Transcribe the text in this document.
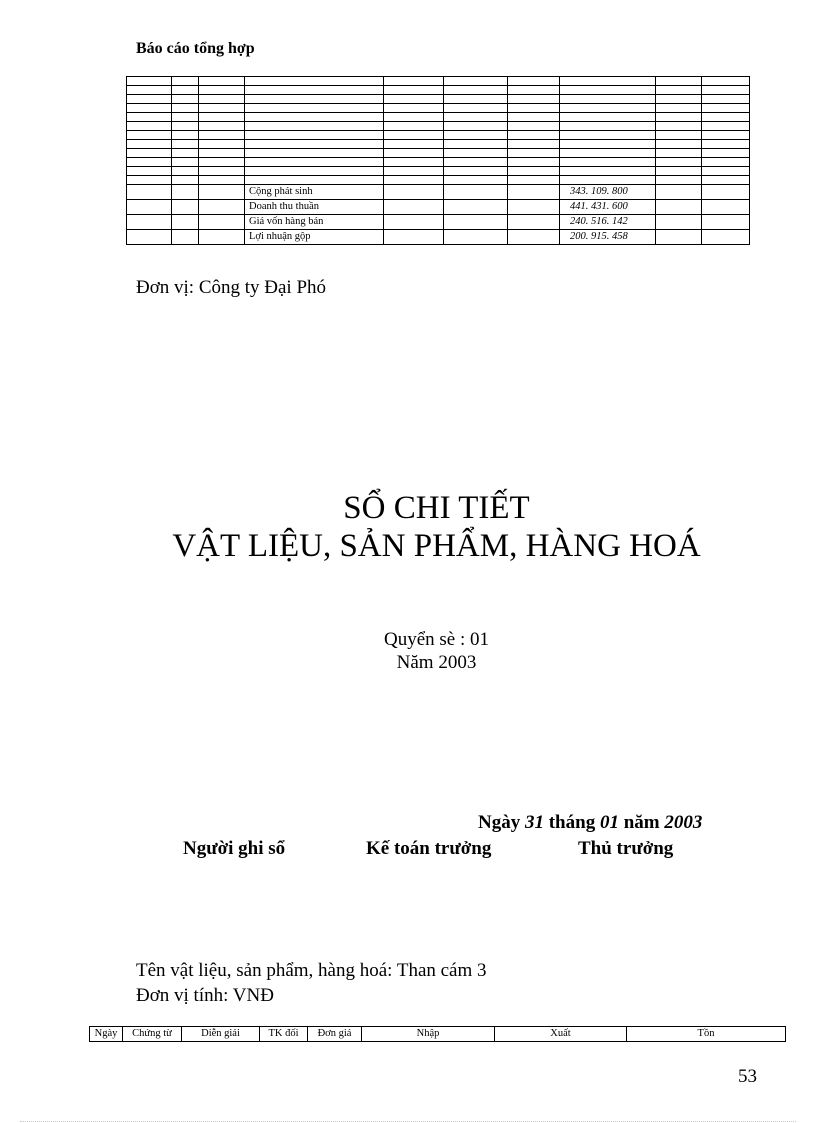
Báo cáo tổng hợp

			Cộng phát sinh				343. 109. 800		
			Doanh thu thuần				441. 431. 600		
			Giá vốn hàng bán				240. 516. 142		
			Lợi nhuận gộp				200. 915. 458		
Đơn vị: Công ty Đại Phó
SỔ CHI TIẾT
VẬT LIỆU, SẢN PHẨM, HÀNG HOÁ
Quyển sè : 01
Năm 2003
Ngày 31 tháng 01 năm 2003
Người ghi sổ	Kế toán trưởng	Thủ trưởng
Tên vật liệu, sản phẩm, hàng hoá: Than cám 3
Đơn vị tính: VNĐ
Ngày	Chứng từ	Diễn giải	TK đối	Đơn giá	Nhập	Xuất	Tồn
53
